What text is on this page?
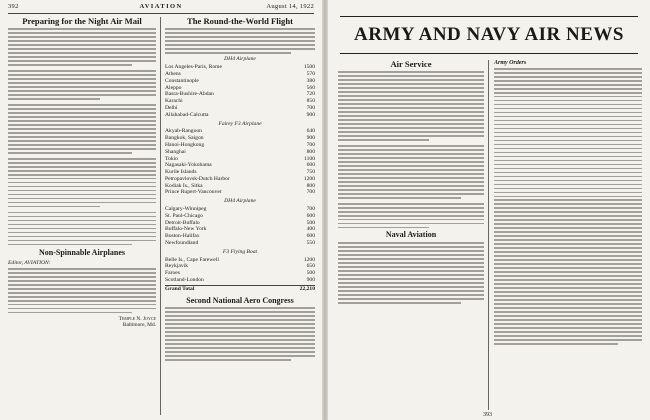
392	AVIATION	August 14, 1922
Preparing for the Night Air Mail
Non-Spinnable Airplanes
Editor, AVIATION:
Temple N. Joyce
Baltimore, Md.
The Round-the-World Flight
DH4 Airplane
Los Angeles-Paris, Rome	1500
Athens	570
Constantinople	380
Aleppo	560
Basra-Bushire-Abdan	720
Karachi	850
Delhi	700
Allahabad-Calcutta	900
Fairey F3 Airplane
Akyab-Rangoon	640
Bangkok, Saigon	900
Hanoi-Hongkong	700
Shanghai	800
Tokio	1100
Nagasaki-Yokohama	600
Kurile Islands	750
Petropavlovsk-Dutch Harbor	1200
Kodiak Is., Sitka	800
Prince Rupert-Vancouver	700
DH4 Airplane
Calgary-Winnipeg	700
St. Paul-Chicago	600
Detroit-Buffalo	500
Buffalo-New York	400
Boston-Halifax	600
Newfoundland	550
F3 Flying Boat
Belle Is., Cape Farewell	1200
Reykjavik	650
Faroes	500
Scotland-London	900
Grand Total	22,210
Second National Aero Congress
ARMY AND NAVY AIR NEWS
Air Service
Naval Aviation
Army Orders
393
